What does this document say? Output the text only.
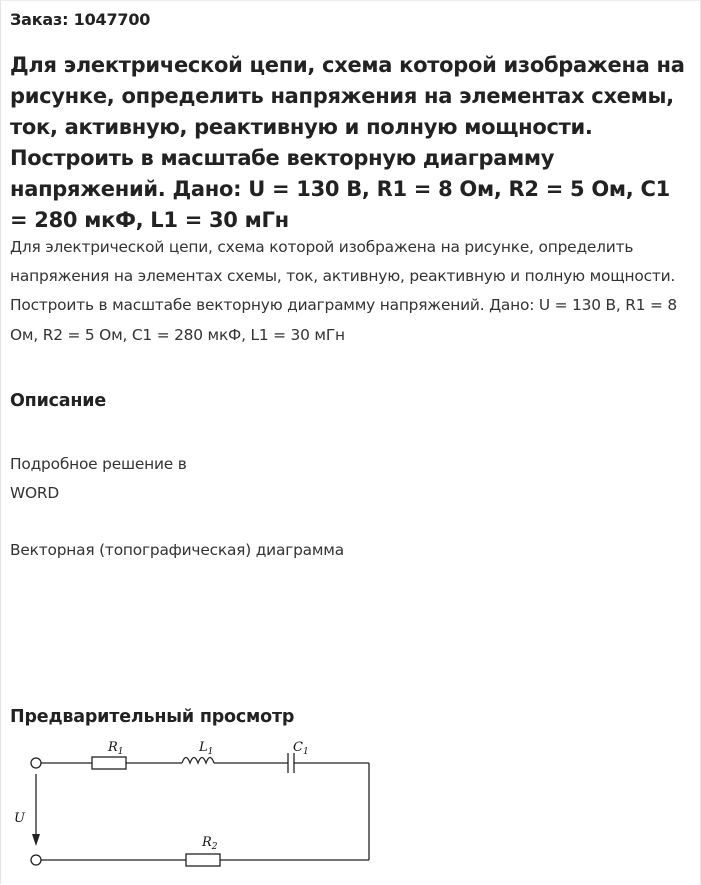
Заказ: 1047700
Для электрической цепи, схема которой изображена на рисунке, определить напряжения на элементах схемы, ток, активную, реактивную и полную мощности. Построить в масштабе векторную диаграмму напряжений. Дано: U = 130 В, R1 = 8 Ом, R2 = 5 Ом, C1 = 280 мкФ, L1 = 30 мГн

Для электрической цепи, схема которой изображена на рисунке, определить напряжения на элементах схемы, ток, активную, реактивную и полную мощности. Построить в масштабе векторную диаграмму напряжений. Дано: U = 130 В, R1 = 8 Ом, R2 = 5 Ом, C1 = 280 мкФ, L1 = 30 мГн

Описание

Подробное решение в

WORD

Векторная (топографическая) диаграмма

Предварительный просмотр
$R_1$	$L_1$	$C_1$
$R_2$
U
